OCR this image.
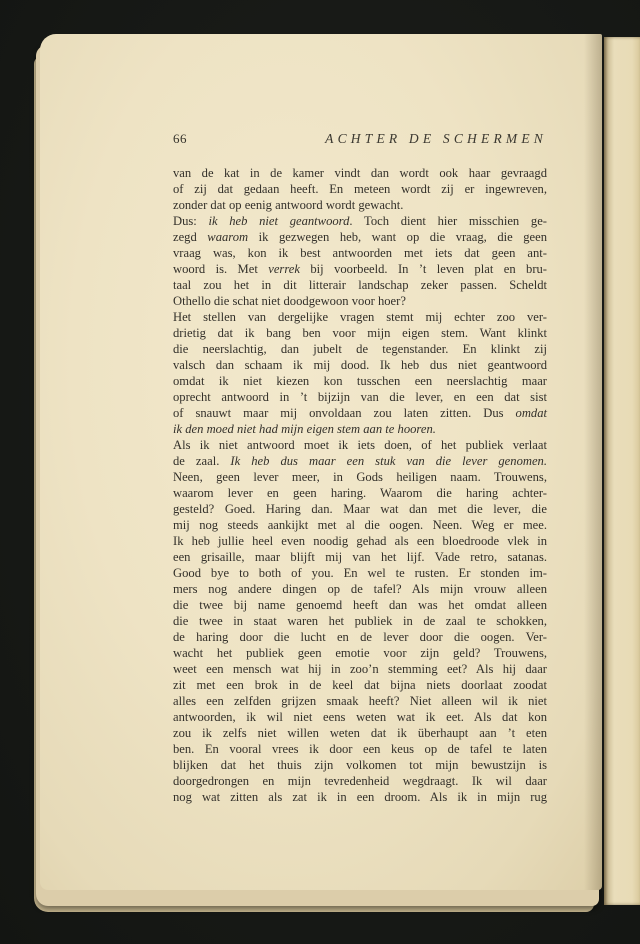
66	ACHTER DE SCHERMEN
van de kat in de kamer vindt dan wordt ook haar gevraagd
of zij dat gedaan heeft. En meteen wordt zij er ingewreven,
zonder dat op eenig antwoord wordt gewacht.
Dus: ik heb niet geantwoord. Toch dient hier misschien ge-
zegd waarom ik gezwegen heb, want op die vraag, die geen
vraag was, kon ik best antwoorden met iets dat geen ant-
woord is. Met verrek bij voorbeeld. In ’t leven plat en bru-
taal zou het in dit litterair landschap zeker passen. Scheldt
Othello die schat niet doodgewoon voor hoer?
Het stellen van dergelijke vragen stemt mij echter zoo ver-
drietig dat ik bang ben voor mijn eigen stem. Want klinkt
die neerslachtig, dan jubelt de tegenstander. En klinkt zij
valsch dan schaam ik mij dood. Ik heb dus niet geantwoord
omdat ik niet kiezen kon tusschen een neerslachtig maar
oprecht antwoord in ’t bijzijn van die lever, en een dat sist
of snauwt maar mij onvoldaan zou laten zitten. Dus omdat
ik den moed niet had mijn eigen stem aan te hooren.
Als ik niet antwoord moet ik iets doen, of het publiek verlaat
de zaal. Ik heb dus maar een stuk van die lever genomen.
Neen, geen lever meer, in Gods heiligen naam. Trouwens,
waarom lever en geen haring. Waarom die haring achter-
gesteld? Goed. Haring dan. Maar wat dan met die lever, die
mij nog steeds aankijkt met al die oogen. Neen. Weg er mee.
Ik heb jullie heel even noodig gehad als een bloedroode vlek in
een grisaille, maar blijft mij van het lijf. Vade retro, satanas.
Good bye to both of you. En wel te rusten. Er stonden im-
mers nog andere dingen op de tafel? Als mijn vrouw alleen
die twee bij name genoemd heeft dan was het omdat alleen
die twee in staat waren het publiek in de zaal te schokken,
de haring door die lucht en de lever door die oogen. Ver-
wacht het publiek geen emotie voor zijn geld? Trouwens,
weet een mensch wat hij in zoo’n stemming eet? Als hij daar
zit met een brok in de keel dat bijna niets doorlaat zoodat
alles een zelfden grijzen smaak heeft? Niet alleen wil ik niet
antwoorden, ik wil niet eens weten wat ik eet. Als dat kon
zou ik zelfs niet willen weten dat ik überhaupt aan ’t eten
ben. En vooral vrees ik door een keus op de tafel te laten
blijken dat het thuis zijn volkomen tot mijn bewustzijn is
doorgedrongen en mijn tevredenheid wegdraagt. Ik wil daar
nog wat zitten als zat ik in een droom. Als ik in mijn rug
